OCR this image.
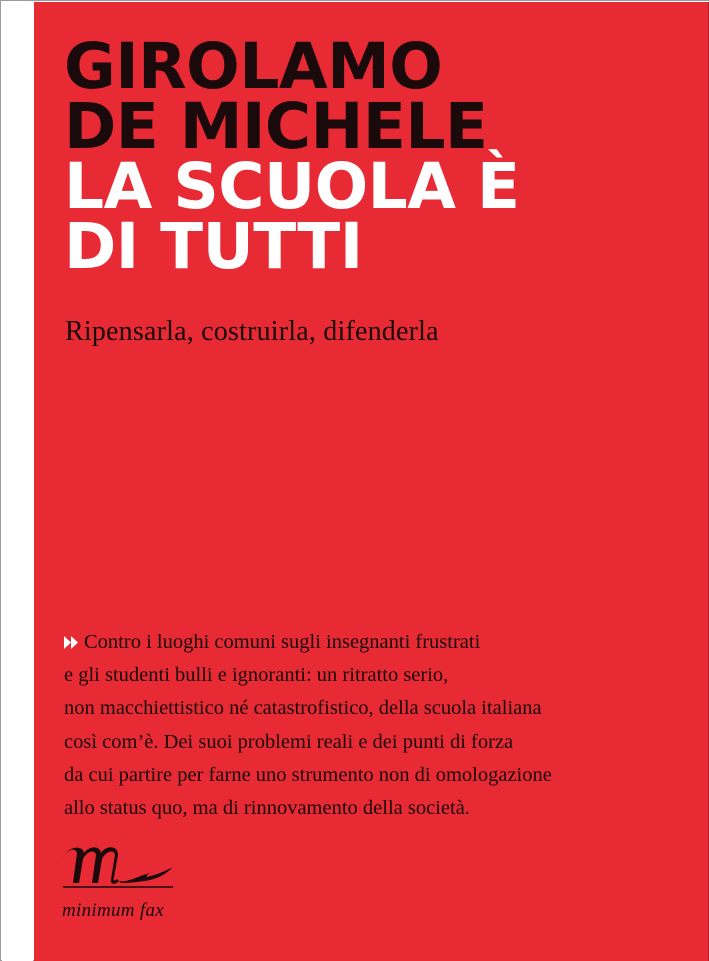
GIROLAMO
DE MICHELE
LA SCUOLA È
DI TUTTI
Ripensarla, costruirla, difenderla
Contro i luoghi comuni sugli insegnanti frustrati
e gli studenti bulli e ignoranti: un ritratto serio,
non macchiettistico né catastrofistico, della scuola italiana
così com’è. Dei suoi problemi reali e dei punti di forza
da cui partire per farne uno strumento non di omologazione
allo status quo, ma di rinnovamento della società.
minimum fax
